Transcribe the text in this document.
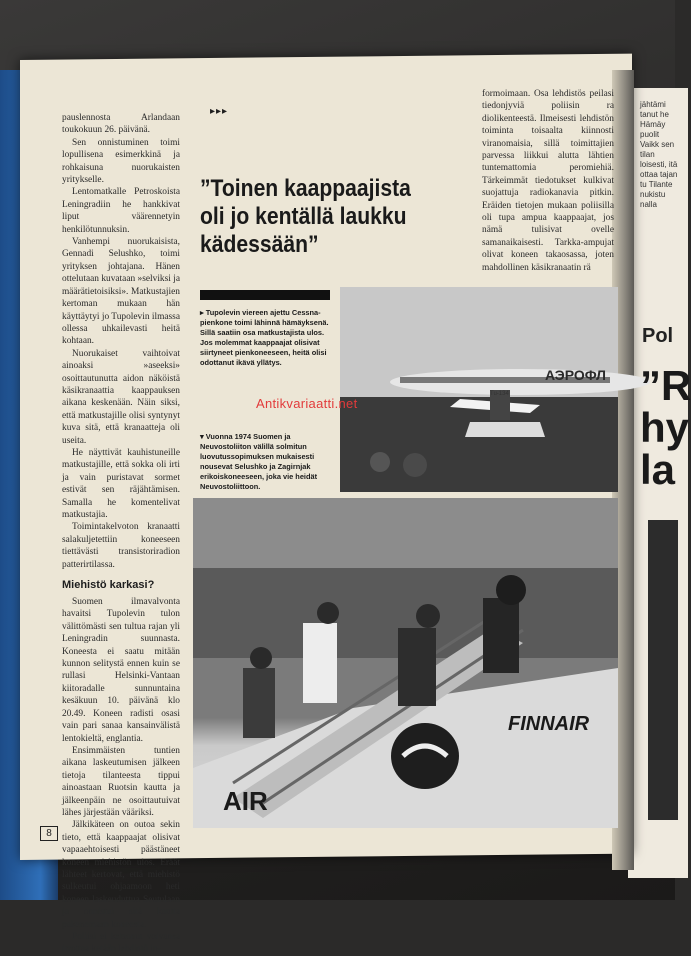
pauslennosta Arlandaan toukokuun 26. päivänä.

Sen onnistuminen toimi lopullisena esimerkkinä ja rohkaisuna nuorukaisten yritykselle.

Lentomatkalle Petroskoista Leningradiin he hankkivat liput väärennetyin henkilötunnuksin.

Vanhempi nuorukaisista, Gennadi Selushko, toimi yrityksen johtajana. Hänen ottelutaan kuvataan »selviksi ja määrätietoisiksi». Matkustajien kertoman mukaan hän käyttäytyi jo Tupolevin ilmassa ollessa uhkailevasti heitä kohtaan.

Nuorukaiset vaihtoivat ainoaksi »aseeksi» osoittautunutta aidon näköistä käsikranaattia kaappauksen aikana keskenään. Näin siksi, että matkustajille olisi syntynyt kuva sitä, että kranaatteja oli useita.

He näyttivät kauhistuneille matkustajille, että sokka oli irti ja vain puristavat sormet estivät sen räjähtämisen. Samalla he komentelivat matkustajia.

Toimintakelvoton kranaatti salakuljetettiin koneeseen tiettävästi transistoriradion patterirtilassa.

Miehistö karkasi?

Suomen ilmavalvonta havaitsi Tupolevin tulon välittömästi sen tultua rajan yli Leningradin suunnasta. Koneesta ei saatu mitään kunnon selitystä ennen kuin se rullasi Helsinki-Vantaan kiitoradalle sunnuntaina kesäkuun 10. päivänä klo 20.49. Koneen radisti osasi vain pari sanaa kansainvälistä lentokieltä, englantia.

Ensimmäisten tuntien aikana laskeutumisen jälkeen tietoja tilanteesta tippui ainoastaan Ruotsin kautta ja jälkeenpäin ne osoittautuivat lähes järjestään vääriksi.

Jälkikäteen on outoa sekin tieto, että kaappaajat olisivat vapaaehtoisesti päästäneet koneen miehistön ulos. Eräät lähteet kertovat, että miehistö sulkeutui ohjaamoon heti koneen laskeuduttua Seutulaan ja onnistui sitä kautta pakenemaan koneesta.

Poliisi ei katsonut voivansa irrottaa ketään lehdistö in-

▸▸▸
”Toinen kaappaajista oli jo kentällä laukku kädessään”
▸ Tupolevin viereen ajettu Cessna-pienkone toimi lähinnä hämäyksenä. Sillä saatiin osa matkustajista ulos. Jos molemmat kaappaajat olisivat siirtyneet pienkoneeseen, heitä olisi odottanut ikävä yllätys.
▾ Vuonna 1974 Suomen ja Neuvostoliiton välillä solmitun luovutussopimuksen mukaisesti nousevat Selushko ja Zagirnjak erikoiskoneeseen, joka vie heidät Neuvostoliittoon.
formoimaan. Osa lehdistös peilasi tiedonjyviä poliisin ra diolikenteestä. Ilmeisesti lehdistön toiminta toisaalta kiinnosti viranomaisia, sillä toimittajien parvessa liikkui alutta lähtien tuntemattomia peromiehiä. Tärkeimmät tiedotukset kulkivat suojattuja radiokanavia pitkin. Eräiden tietojen mukaan poliisilla oli tupa ampua kaappaajat, jos nämä tulisivat ovelle samanaikaisesti. Tarkka-ampujat olivat koneen takaosassa, joten mahdollinen käsikranaatin rä
АЭРОФЛ
Tu-134
FINNAIR
AIR
Antikvariaatti.net
8
jähtämi tanut he Hämäy puolit Vaikk sen tilan loisesti, itä ottaa tajan tu Tilante nukistu nalla
Pol
”R hy la
